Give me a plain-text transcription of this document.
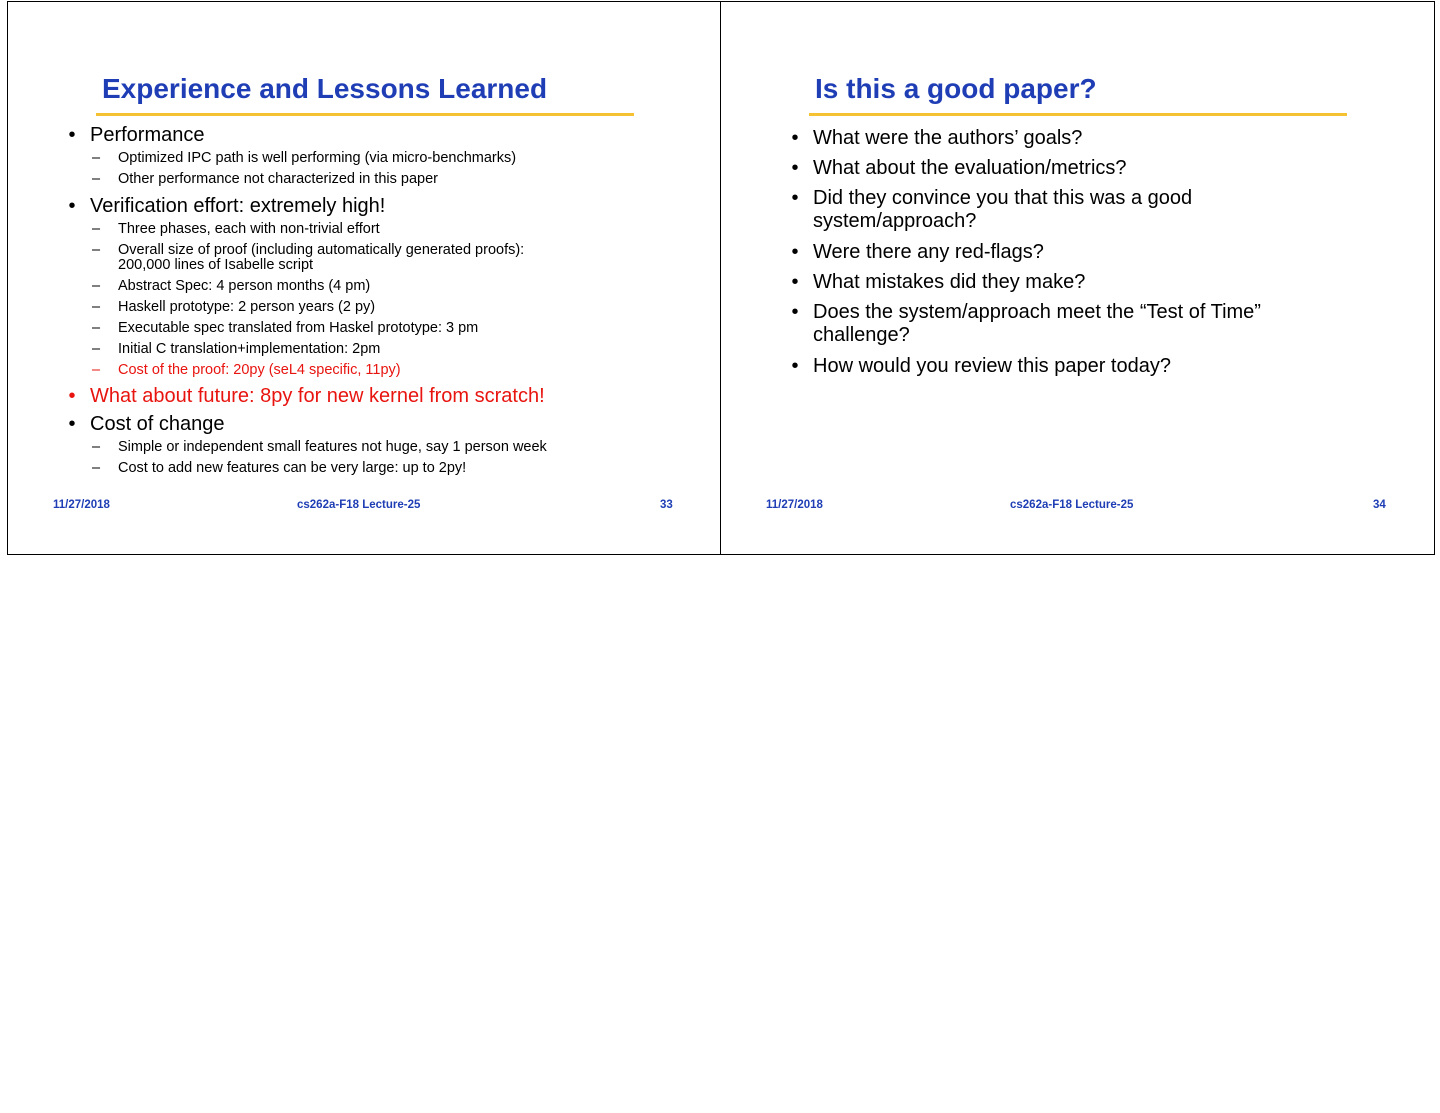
Experience and Lessons Learned
• Performance
– Optimized IPC path is well performing (via micro-benchmarks)
– Other performance not characterized in this paper
• Verification effort: extremely high!
– Three phases, each with non-trivial effort
– Overall size of proof (including automatically generated proofs):
200,000 lines of Isabelle script
– Abstract Spec: 4 person months (4 pm)
– Haskell prototype: 2 person years (2 py)
– Executable spec translated from Haskel prototype: 3 pm
– Initial C translation+implementation: 2pm
– Cost of the proof: 20py (seL4 specific, 11py)
• What about future: 8py for new kernel from scratch!
• Cost of change
– Simple or independent small features not huge, say 1 person week
– Cost to add new features can be very large: up to 2py!
11/27/2018	cs262a-F18 Lecture-25	33
Is this a good paper?
• What were the authors’ goals?
• What about the evaluation/metrics?
• Did they convince you that this was a good
system/approach?
• Were there any red-flags?
• What mistakes did they make?
• Does the system/approach meet the “Test of Time”
challenge?
• How would you review this paper today?
11/27/2018	cs262a-F18 Lecture-25	34
